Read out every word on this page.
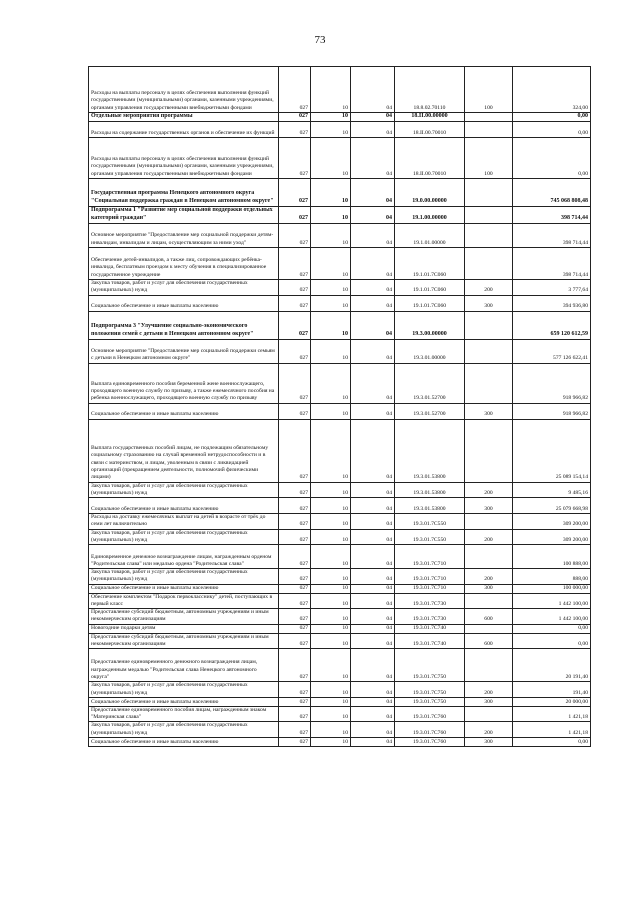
73
Расходы на выплаты персоналу в целях обеспечения выполнения функций государственными (муниципальными) органами, казенными учреждениями, органами управления государственными внебюджетными фондами	027	10	04	18.8.02.70110	100	324,00
Отдельные мероприятия программы	027	10	04	18.II.00.00000		0,00
Расходы на содержание государственных органов и обеспечение их функций	027	10	04	18.II.00.70010		0,00
Расходы на выплаты персоналу в целях обеспечения выполнения функций государственными (муниципальными) органами, казенными учреждениями, органами управления государственными внебюджетными фондами	027	10	04	18.II.00.70010	100	0,00
Государственная программа Ненецкого автономного округа "Социальная поддержка граждан в Ненецком автономном округе"	027	10	04	19.0.00.00000		745 068 808,48
Подпрограмма 1 "Развитие мер социальной поддержки отдельных категорий граждан"	027	10	04	19.1.00.00000		398 714,44
Основное мероприятие "Предоставление мер социальной поддержки детям-инвалидам, инвалидам и лицам, осуществляющим за ними уход"	027	10	04	19.1.01.00000		398 714,44
Обеспечение детей-инвалидов, а также лиц, сопровождающих ребёнка-инвалида, бесплатным проездом к месту обучения в специализированное государственное учреждение	027	10	04	19.1.01.7С060		398 714,44
Закупка товаров, работ и услуг для обеспечения государственных (муниципальных) нужд	027	10	04	19.1.01.7С060	200	3 777,64
Социальное обеспечение и иные выплаты населению	027	10	04	19.1.01.7С060	300	394 936,80
Подпрограмма 3 "Улучшение социально-экономического положения семей с детьми в Ненецком автономном округе"	027	10	04	19.3.00.00000		659 120 612,59
Основное мероприятие "Предоставление мер социальной поддержки семьям с детьми в Ненецком автономном округе"	027	10	04	19.3.01.00000		577 126 622,41
Выплата единовременного пособия беременной жене военнослужащего, проходящего военную службу по призыву, а также ежемесячного пособия на ребенка военнослужащего, проходящего военную службу по призыву	027	10	04	19.3.01.52700		918 966,82
Социальное обеспечение и иные выплаты населению	027	10	04	19.3.01.52700	300	918 966,82
Выплата государственных пособий лицам, не подлежащим обязательному социальному страхованию на случай временной нетрудоспособности и в связи с материнством, и лицам, уволенным в связи с ликвидацией организаций (прекращением деятельности, полномочий физическими лицами)	027	10	04	19.3.01.53800		25 089 154,14
Закупка товаров, работ и услуг для обеспечения государственных (муниципальных) нужд	027	10	04	19.3.01.53800	200	9 485,16
Социальное обеспечение и иные выплаты населению	027	10	04	19.3.01.53800	300	25 079 668,98
Расходы на доставку ежемесячных выплат на детей в возрасте от трёх до семи лет включительно	027	10	04	19.3.01.7С550		309 200,00
Закупка товаров, работ и услуг для обеспечения государственных (муниципальных) нужд	027	10	04	19.3.01.7С550	200	309 200,00
Единовременное денежное вознаграждение лицам, награжденным орденом "Родительская слава" или медалью ордена "Родительская слава"	027	10	04	19.3.01.7С710		100 888,00
Закупка товаров, работ и услуг для обеспечения государственных (муниципальных) нужд	027	10	04	19.3.01.7С710	200	888,00
Социальное обеспечение и иные выплаты населению	027	10	04	19.3.01.7С710	300	100 000,00
Обеспечение комплектом "Подарок первокласснику" детей, поступающих в первый класс	027	10	04	19.3.01.7С730		1 442 100,00
Предоставление субсидий бюджетным, автономным учреждениям и иным некоммерческим организациям	027	10	04	19.3.01.7С730	600	1 442 100,00
Новогодние подарки детям	027	10	04	19.3.01.7С740		0,00
Предоставление субсидий бюджетным, автономным учреждениям и иным некоммерческим организациям	027	10	04	19.3.01.7С740	600	0,00
Предоставление единовременного денежного вознаграждения лицам, награжденным медалью "Родительская слава Ненецкого автономного округа"	027	10	04	19.3.01.7С750		20 191,40
Закупка товаров, работ и услуг для обеспечения государственных (муниципальных) нужд	027	10	04	19.3.01.7С750	200	191,40
Социальное обеспечение и иные выплаты населению	027	10	04	19.3.01.7С750	300	20 000,00
Предоставление единовременного пособия лицам, награжденным знаком "Материнская слава"	027	10	04	19.3.01.7С760		1 421,18
Закупка товаров, работ и услуг для обеспечения государственных (муниципальных) нужд	027	10	04	19.3.01.7С760	200	1 421,18
Социальное обеспечение и иные выплаты населению	027	10	04	19.3.01.7С760	300	0,00
